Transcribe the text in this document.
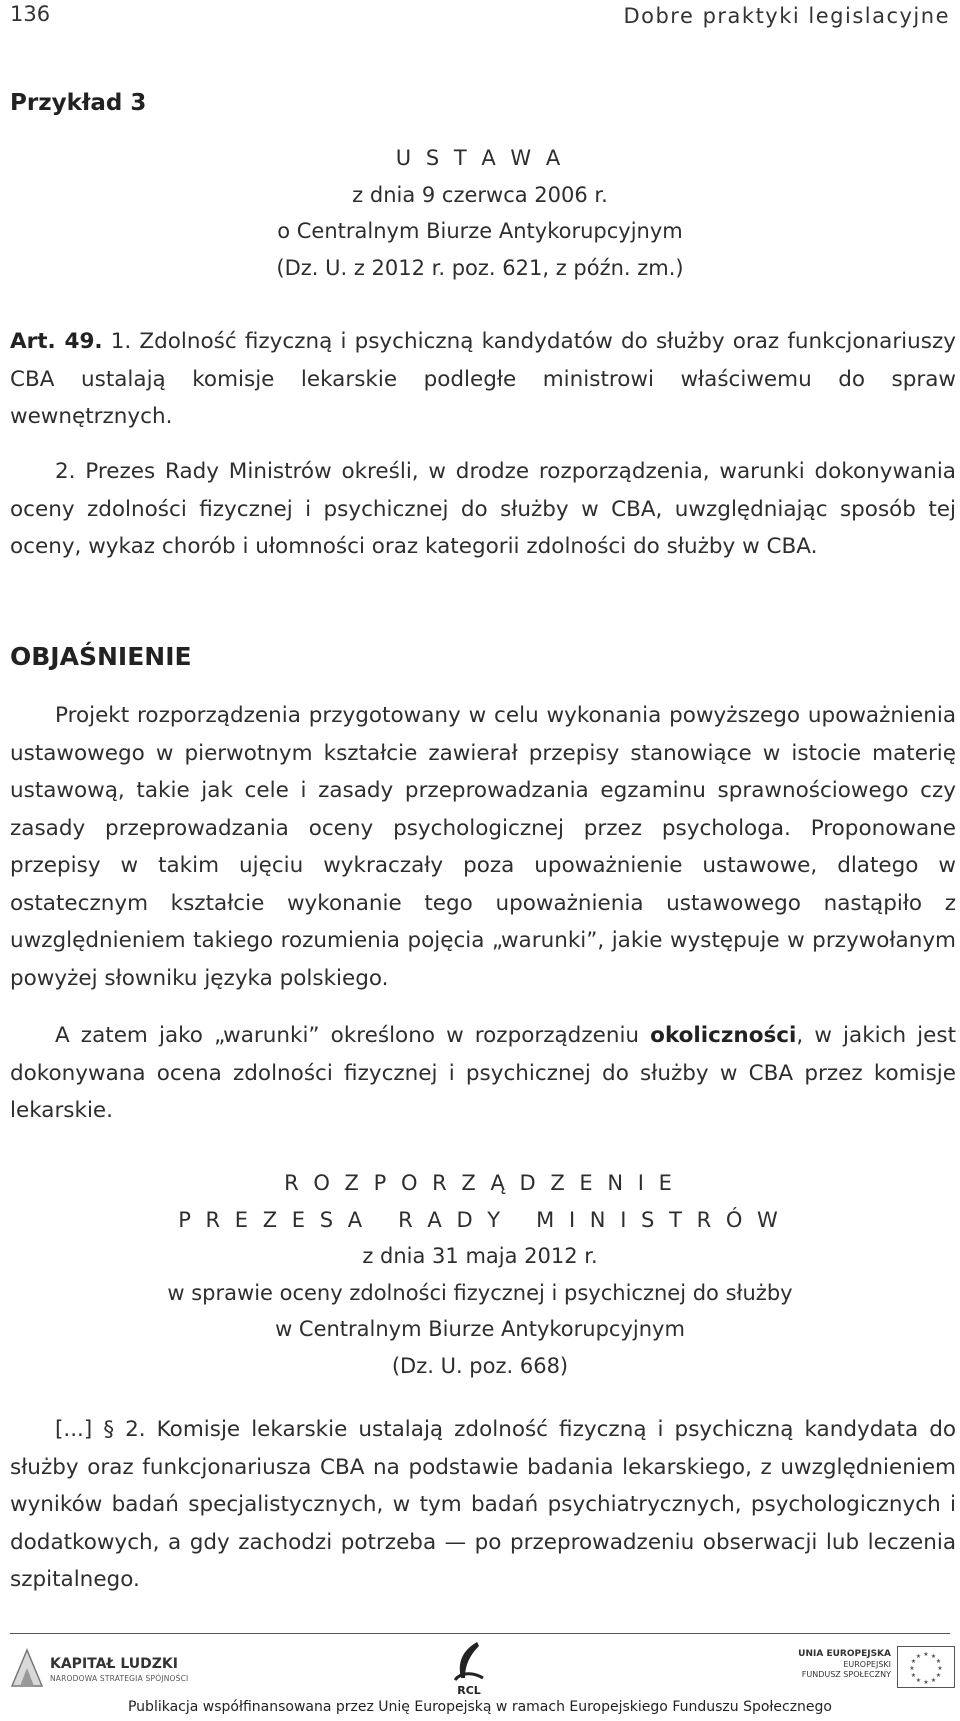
136	Dobre praktyki legislacyjne
Przykład 3
U S T A W A
z dnia 9 czerwca 2006 r.
o Centralnym Biurze Antykorupcyjnym
(Dz. U. z 2012 r. poz. 621, z późn. zm.)
Art. 49. 1. Zdolność fizyczną i psychiczną kandydatów do służby oraz funkcjonariuszy CBA ustalają komisje lekarskie podległe ministrowi właściwemu do spraw wewnętrznych.
2. Prezes Rady Ministrów określi, w drodze rozporządzenia, warunki dokonywania oceny zdolności fizycznej i psychicznej do służby w CBA, uwzględniając sposób tej oceny, wykaz chorób i ułomności oraz kategorii zdolności do służby w CBA.
OBJAŚNIENIE
Projekt rozporządzenia przygotowany w celu wykonania powyższego upoważnienia ustawowego w pierwotnym kształcie zawierał przepisy stanowiące w istocie materię ustawową, takie jak cele i zasady przeprowadzania egzaminu sprawnościowego czy zasady przeprowadzania oceny psychologicznej przez psychologa. Proponowane przepisy w takim ujęciu wykraczały poza upoważnienie ustawowe, dlatego w ostatecznym kształcie wykonanie tego upoważnienia ustawowego nastąpiło z uwzględnieniem takiego rozumienia pojęcia „warunki”, jakie występuje w przywołanym powyżej słowniku języka polskiego.
A zatem jako „warunki” określono w rozporządzeniu okoliczności, w jakich jest dokonywana ocena zdolności fizycznej i psychicznej do służby w CBA przez komisje lekarskie.
R O Z P O R Z Ą D Z E N I E
P R E Z E S A   R A D Y   M I N I S T R Ó W
z dnia 31 maja 2012 r.
w sprawie oceny zdolności fizycznej i psychicznej do służby
w Centralnym Biurze Antykorupcyjnym
(Dz. U. poz. 668)
[...] § 2. Komisje lekarskie ustalają zdolność fizyczną i psychiczną kandydata do służby oraz funkcjonariusza CBA na podstawie badania lekarskiego, z uwzględnieniem wyników badań specjalistycznych, w tym badań psychiatrycznych, psychologicznych i dodatkowych, a gdy zachodzi potrzeba — po przeprowadzeniu obserwacji lub leczenia szpitalnego.
KAPITAŁ LUDZKI
NARODOWA STRATEGIA SPÓJNOŚCI
RCL
UNIA EUROPEJSKA
EUROPEJSKI
FUNDUSZ SPOŁECZNY
★ ★
★
★
★
★
★
★
★
★
★
★
Publikacja współfinansowana przez Unię Europejską w ramach Europejskiego Funduszu Społecznego
